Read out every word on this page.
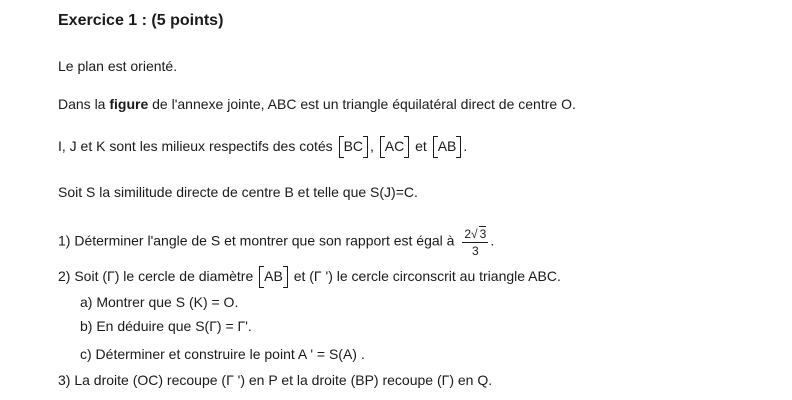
Exercice 1 : (5 points)
Le plan est orienté.
Dans la figure de l'annexe jointe, ABC est un triangle équilatéral direct de centre O.
I, J et K sont les milieux respectifs des cotés BC , AC et AB .
Soit S la similitude directe de centre B et telle que S(J)=C.
1) Déterminer l'angle de S et montrer que son rapport est égal à $\frac{2√ 3}{3}$ .
2) Soit (Γ) le cercle de diamètre AB et (Γ ') le cercle circonscrit au triangle ABC.
a) Montrer que S (K) = O.
b) En déduire que S(Γ) = Γ'.
c) Déterminer et construire le point A ' = S(A) .
3) La droite (OC) recoupe (Γ ') en P et la droite (BP) recoupe (Γ) en Q.
